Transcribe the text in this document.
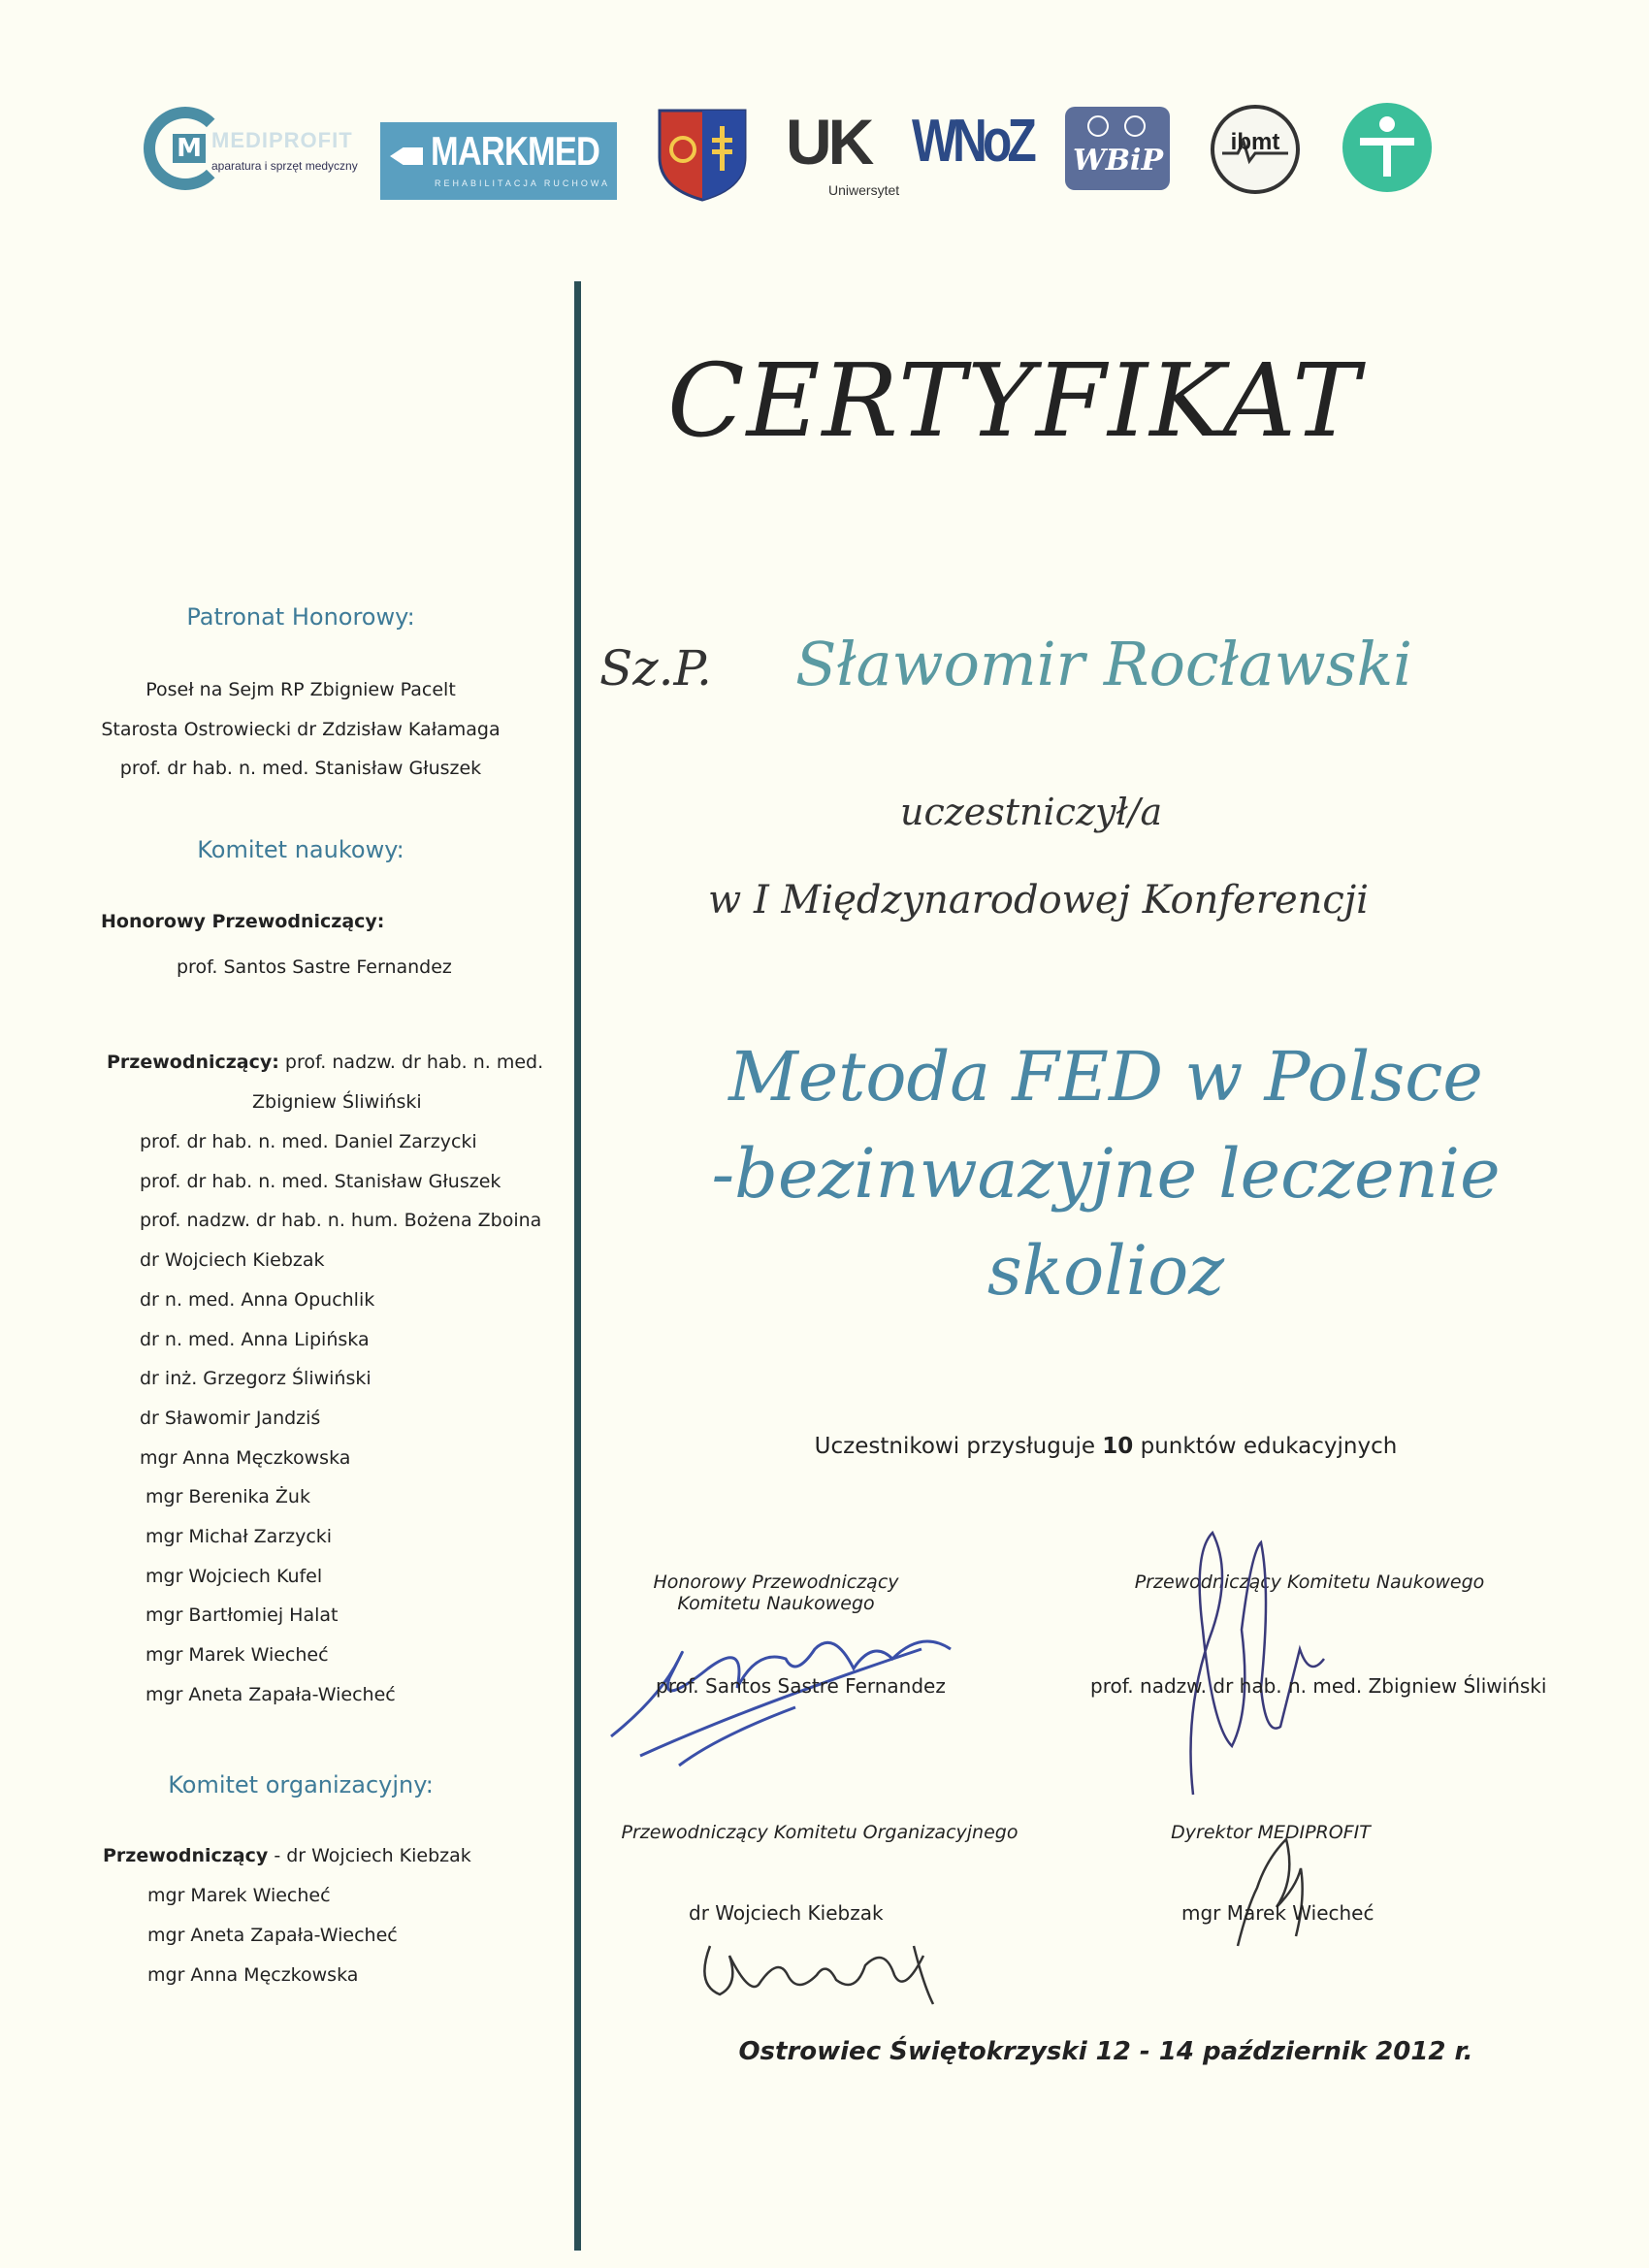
M MEDIPROFIT
aparatura i sprzęt medyczny MARKMED
REHABILITACJA RUCHOWA
UK
Uniwersytet
WNoZ WBiP
ibmt
Patronat Honorowy:
Poseł na Sejm RP Zbigniew Pacelt
Starosta Ostrowiecki dr Zdzisław Kałamaga
prof. dr hab. n. med. Stanisław Głuszek
Komitet naukowy:
Honorowy Przewodniczący:
prof. Santos Sastre Fernandez
Przewodniczący: prof. nadzw. dr hab. n. med.
Zbigniew Śliwiński
prof. dr hab. n. med. Daniel Zarzycki
prof. dr hab. n. med. Stanisław Głuszek
prof. nadzw. dr hab. n. hum. Bożena Zboina
dr Wojciech Kiebzak
dr n. med. Anna Opuchlik
dr n. med. Anna Lipińska
dr inż. Grzegorz Śliwiński
dr Sławomir Jandziś
mgr Anna Męczkowska
mgr Berenika Żuk
mgr Michał Zarzycki
mgr Wojciech Kufel
mgr Bartłomiej Halat
mgr Marek Wiecheć
mgr Aneta Zapała-Wiecheć
Komitet organizacyjny:
Przewodniczący - dr Wojciech Kiebzak
mgr Marek Wiecheć
mgr Aneta Zapała-Wiecheć
mgr Anna Męczkowska
CERTYFIKAT
Sz.P. Sławomir Rocławski
uczestniczył/a
w I Międzynarodowej Konferencji
Metoda FED w Polsce
-bezinwazyjne leczenie
skolioz
Uczestnikowi przysługuje 10 punktów edukacyjnych
Honorowy Przewodniczący
Komitetu Naukowego
prof. Santos Sastre Fernandez
Przewodniczący Komitetu Naukowego
prof. nadzw. dr hab. n. med. Zbigniew Śliwiński
Przewodniczący Komitetu Organizacyjnego
dr Wojciech Kiebzak
Dyrektor MEDIPROFIT
mgr Marek Wiecheć
Ostrowiec Świętokrzyski 12 - 14 październik 2012 r.
